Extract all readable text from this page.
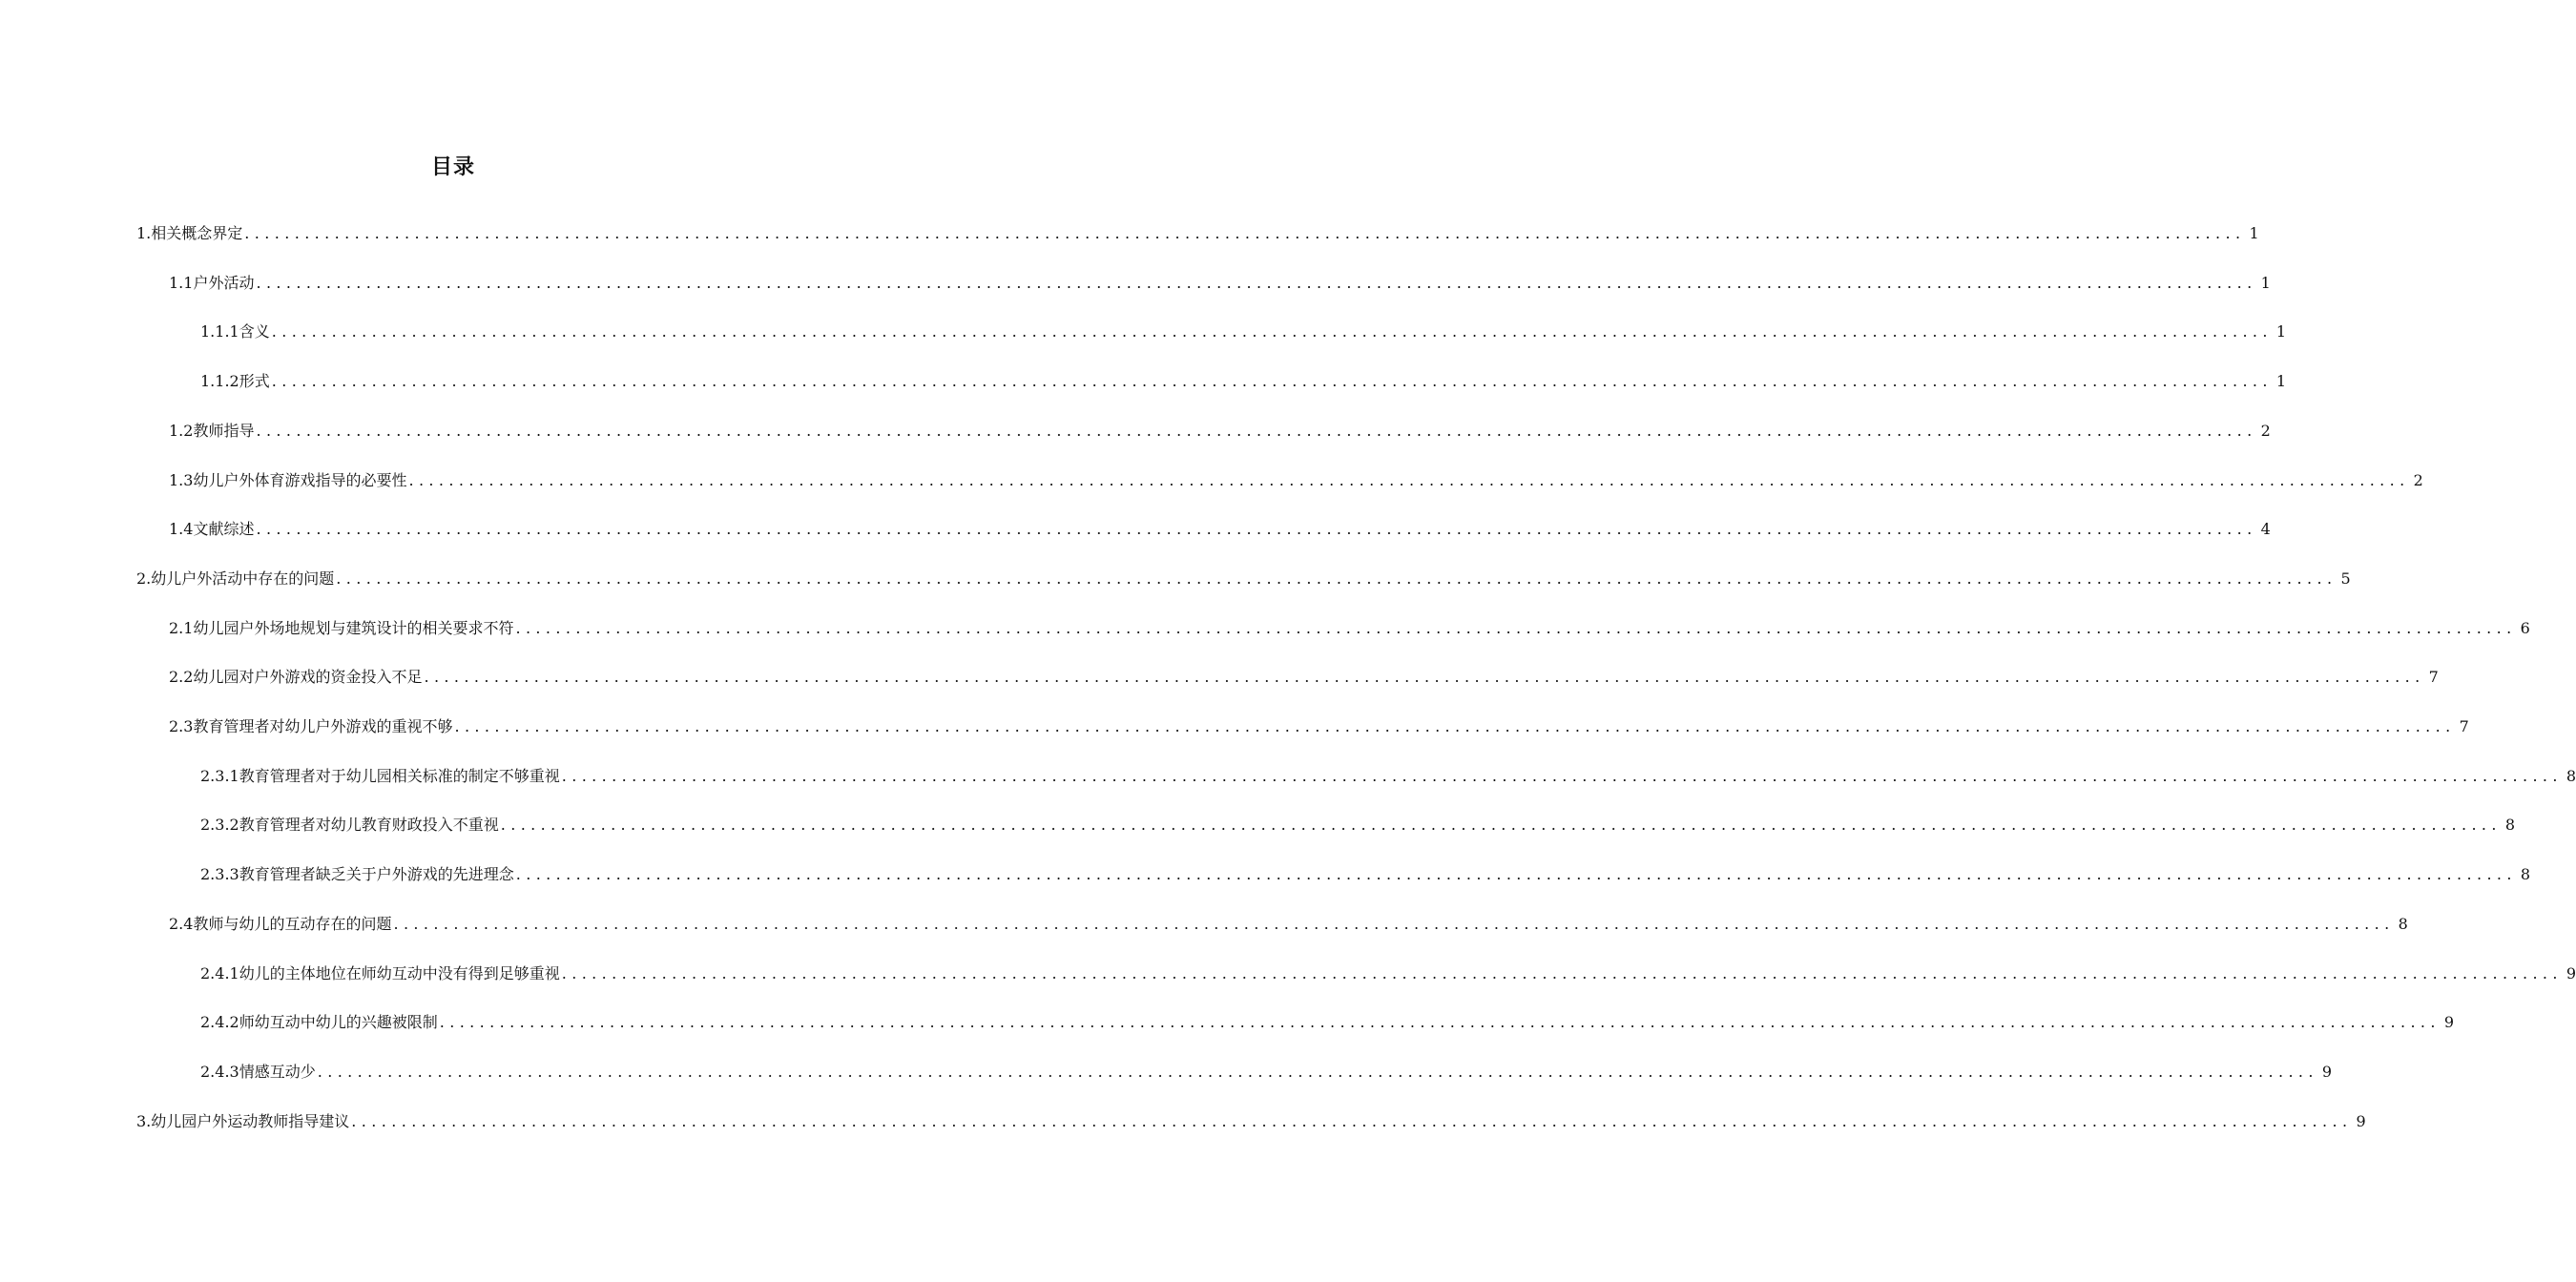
目录
1.相关概念界定 ........................................................................................................................................................................................................ 1
1.1户外活动 ........................................................................................................................................................................................................ 1
1.1.1含义 ........................................................................................................................................................................................................ 1
1.1.2形式 ........................................................................................................................................................................................................ 1
1.2教师指导 ........................................................................................................................................................................................................ 2
1.3幼儿户外体育游戏指导的必要性 ........................................................................................................................................................................................................ 2
1.4文献综述 ........................................................................................................................................................................................................ 4
2.幼儿户外活动中存在的问题 ........................................................................................................................................................................................................ 5
2.1幼儿园户外场地规划与建筑设计的相关要求不符 ........................................................................................................................................................................................................ 6
2.2幼儿园对户外游戏的资金投入不足 ........................................................................................................................................................................................................ 7
2.3教育管理者对幼儿户外游戏的重视不够 ........................................................................................................................................................................................................ 7
2.3.1教育管理者对于幼儿园相关标准的制定不够重视 ........................................................................................................................................................................................................ 8
2.3.2教育管理者对幼儿教育财政投入不重视 ........................................................................................................................................................................................................ 8
2.3.3教育管理者缺乏关于户外游戏的先进理念 ........................................................................................................................................................................................................ 8
2.4教师与幼儿的互动存在的问题 ........................................................................................................................................................................................................ 8
2.4.1幼儿的主体地位在师幼互动中没有得到足够重视 ........................................................................................................................................................................................................ 9
2.4.2师幼互动中幼儿的兴趣被限制 ........................................................................................................................................................................................................ 9
2.4.3情感互动少 ........................................................................................................................................................................................................ 9
3.幼儿园户外运动教师指导建议 ........................................................................................................................................................................................................ 9
